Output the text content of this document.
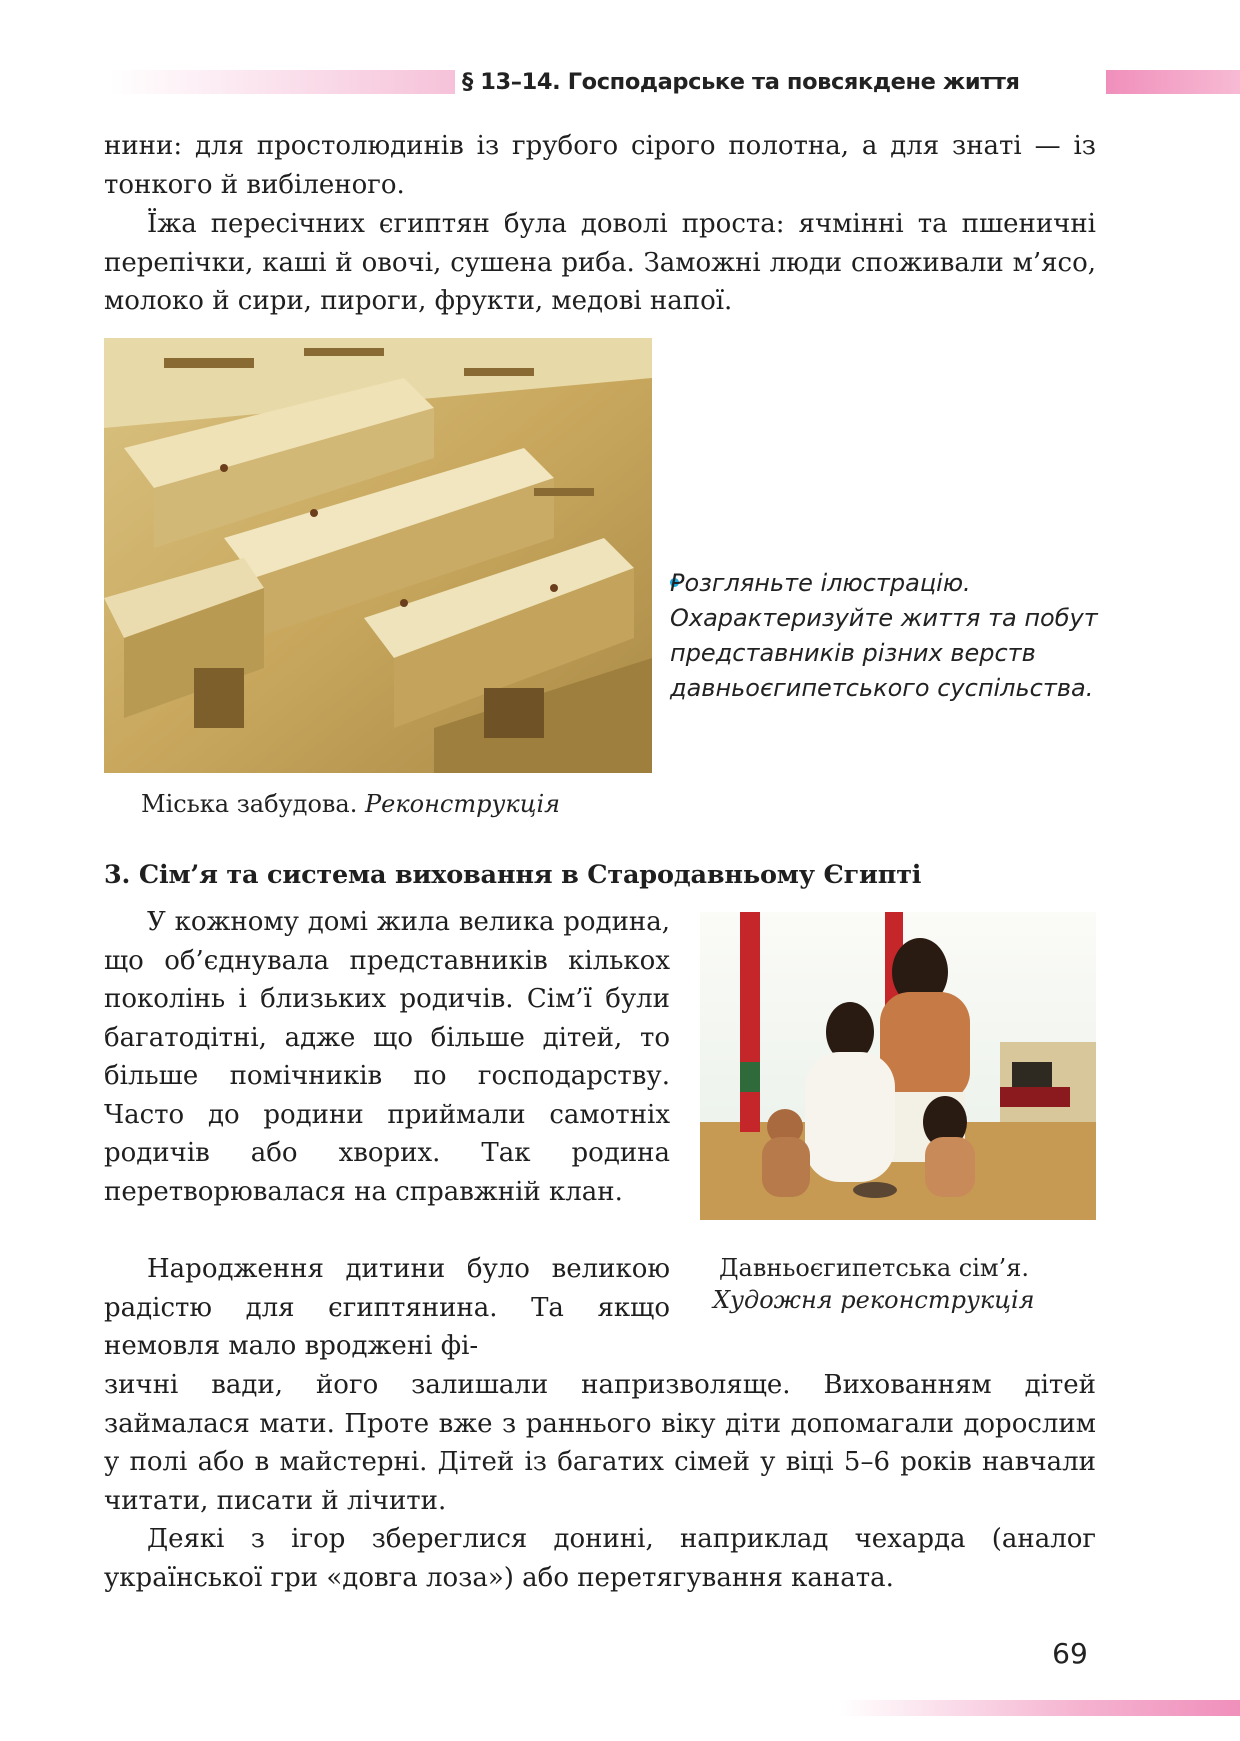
§ 13–14. Господарське та повсякдене життя

нини: для простолюдинів із грубого сірого полотна, а для знаті — із тонкого й вибіленого.

Їжа пересічних єгиптян була доволі проста: ячмінні та пшеничні перепічки, каші й овочі, сушена риба. Заможні люди споживали м’ясо, молоко й сири, пироги, фрукти, медові напої.

Міська забудова. Реконструкція
Розгляньте ілюстрацію. Охарактеризуйте життя та побут представників різних верств давньоєгипетського суспільства.
3. Сім’я та система виховання в Стародавньому Єгипті

У кожному домі жила велика родина, що об’єднувала представників кількох поколінь і близьких родичів. Сім’ї були багатодітні, адже що більше дітей, то більше помічників по господарству. Часто до родини приймали самотніх родичів або хворих. Так родина перетворювалася на справжній клан.

Народження дитини було великою радістю для єгиптянина. Та якщо немовля мало вроджені фі-

Давньоєгипетська сім’я.
Художня реконструкція

зичні вади, його залишали напризволяще. Вихованням дітей займалася мати. Проте вже з раннього віку діти допомагали дорослим у полі або в майстерні. Дітей із багатих сімей у віці 5–6 років навчали читати, писати й лічити.

Деякі з ігор збереглися донині, наприклад чехарда (аналог української гри «довга лоза») або перетягування каната.

69
